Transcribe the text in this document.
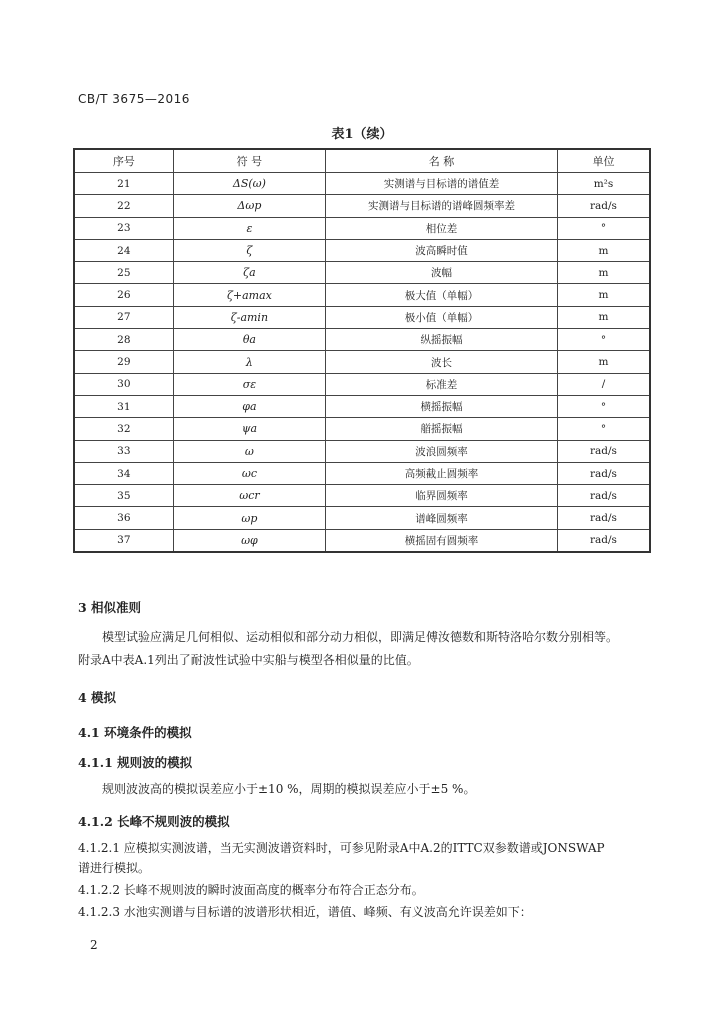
CB/T 3675—2016
表1（续）
序号	符 号	名 称	单位
21	ΔS(ω)	实测谱与目标谱的谱值差	m²s
22	Δωp	实测谱与目标谱的谱峰圆频率差	rad/s
23	ε	相位差	°
24	ζ	波高瞬时值	m
25	ζa	波幅	m
26	ζ+amax	极大值（单幅）	m
27	ζ-amin	极小值（单幅）	m
28	θa	纵摇振幅	°
29	λ	波长	m
30	σε	标准差	/
31	φa	横摇振幅	°
32	ψa	艏摇振幅	°
33	ω	波浪圆频率	rad/s
34	ωc	高频截止圆频率	rad/s
35	ωcr	临界圆频率	rad/s
36	ωp	谱峰圆频率	rad/s
37	ωφ	横摇固有圆频率	rad/s
3 相似准则
模型试验应满足几何相似、运动相似和部分动力相似，即满足傅汝德数和斯特洛哈尔数分别相等。
附录A中表A.1列出了耐波性试验中实船与模型各相似量的比值。
4 模拟
4.1 环境条件的模拟
4.1.1 规则波的模拟
规则波波高的模拟误差应小于±10 %，周期的模拟误差应小于±5 %。
4.1.2 长峰不规则波的模拟
4.1.2.1 应模拟实测波谱，当无实测波谱资料时，可参见附录A中A.2的ITTC双参数谱或JONSWAP
谱进行模拟。
4.1.2.2 长峰不规则波的瞬时波面高度的概率分布符合正态分布。
4.1.2.3 水池实测谱与目标谱的波谱形状相近，谱值、峰频、有义波高允许误差如下：
2
